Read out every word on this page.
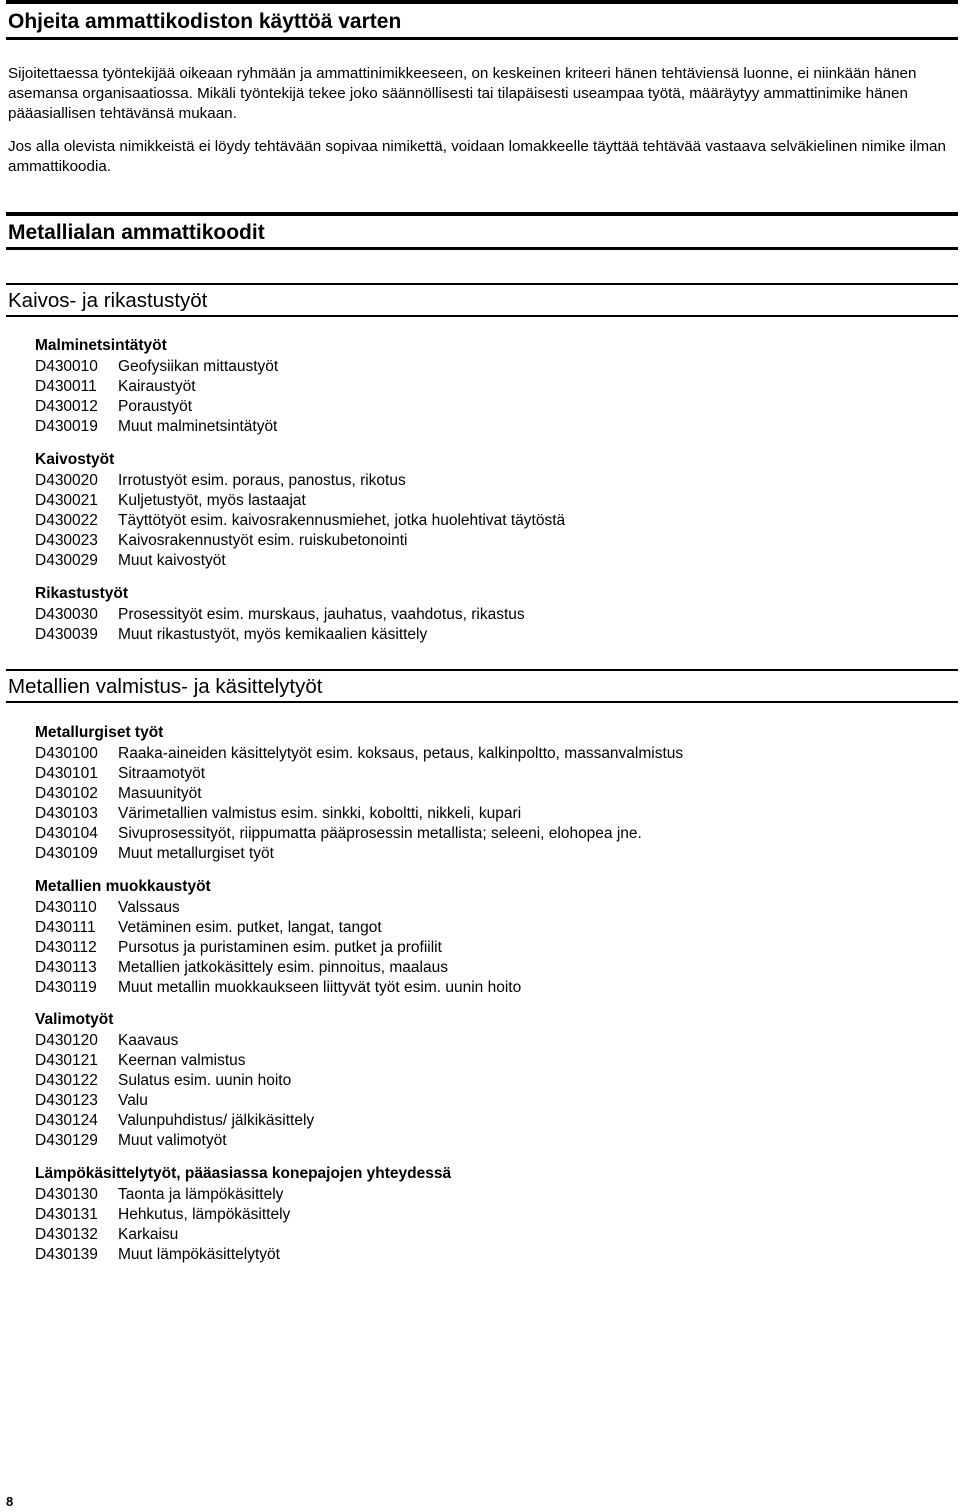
Ohjeita ammattikodiston käyttöä varten

Sijoitettaessa työntekijää oikeaan ryhmään ja ammattinimikkeeseen, on keskeinen kriteeri hänen tehtäviensä luonne, ei niinkään hänen asemansa organisaatiossa. Mikäli työntekijä tekee joko säännöllisesti tai tilapäisesti useampaa työtä, määräytyy ammattinimike hänen pääasiallisen tehtävänsä mukaan.

Jos alla olevista nimikkeistä ei löydy tehtävään sopivaa nimikettä, voidaan lomakkeelle täyttää tehtävää vastaava selväkielinen nimike ilman ammattikoodia.

Metallialan ammattikoodit
Kaivos- ja rikastustyöt
Malminetsintätyöt
D430010 Geofysiikan mittaustyöt
D430011 Kairaustyöt
D430012 Poraustyöt
D430019 Muut malminetsintätyöt
Kaivostyöt
D430020 Irrotustyöt esim. poraus, panostus, rikotus
D430021 Kuljetustyöt, myös lastaajat
D430022 Täyttötyöt esim. kaivosrakennusmiehet, jotka huolehtivat täytöstä
D430023 Kaivosrakennustyöt esim. ruiskubetonointi
D430029 Muut kaivostyöt
Rikastustyöt
D430030 Prosessityöt esim. murskaus, jauhatus, vaahdotus, rikastus
D430039 Muut rikastustyöt, myös kemikaalien käsittely
Metallien valmistus- ja käsittelytyöt
Metallurgiset työt
D430100 Raaka-aineiden käsittelytyöt esim. koksaus, petaus, kalkinpoltto, massanvalmistus
D430101 Sitraamotyöt
D430102 Masuunityöt
D430103 Värimetallien valmistus esim. sinkki, koboltti, nikkeli, kupari
D430104 Sivuprosessityöt, riippumatta pääprosessin metallista; seleeni, elohopea jne.
D430109 Muut metallurgiset työt
Metallien muokkaustyöt
D430110 Valssaus
D430111 Vetäminen esim. putket, langat, tangot
D430112 Pursotus ja puristaminen esim. putket ja profiilit
D430113 Metallien jatkokäsittely esim. pinnoitus, maalaus
D430119 Muut metallin muokkaukseen liittyvät työt esim. uunin hoito
Valimotyöt
D430120 Kaavaus
D430121 Keernan valmistus
D430122 Sulatus esim. uunin hoito
D430123 Valu
D430124 Valunpuhdistus/ jälkikäsittely
D430129 Muut valimotyöt
Lämpökäsittelytyöt, pääasiassa konepajojen yhteydessä
D430130 Taonta ja lämpökäsittely
D430131 Hehkutus, lämpökäsittely
D430132 Karkaisu
D430139 Muut lämpökäsittelytyöt
8
